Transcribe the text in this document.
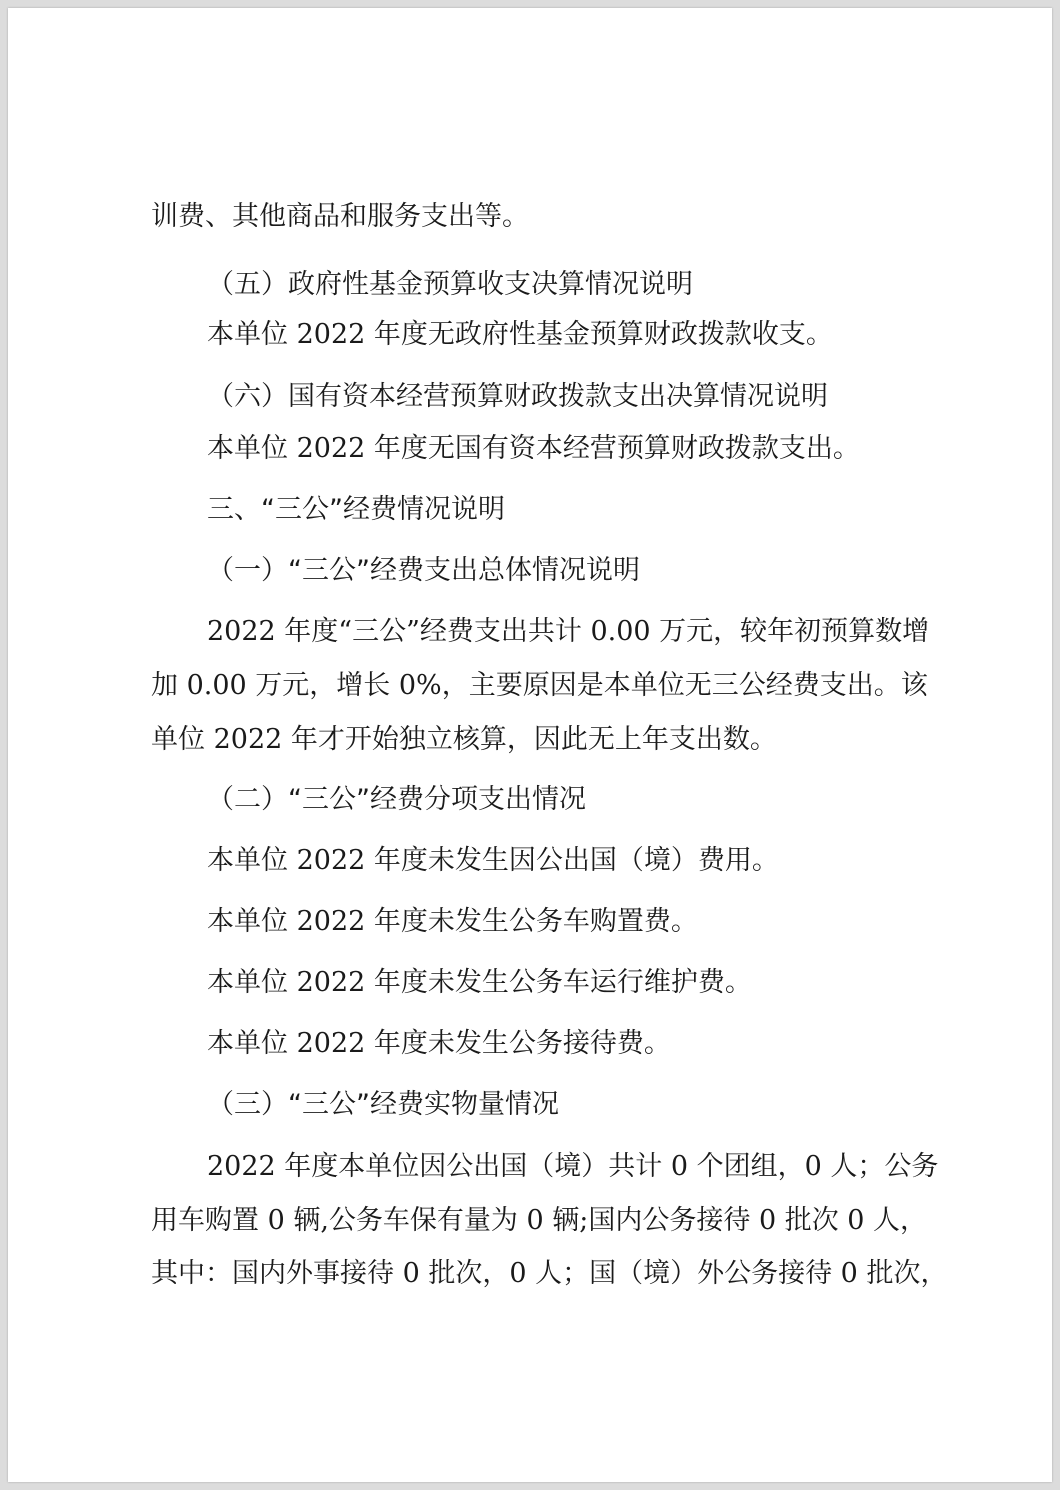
训费、其他商品和服务支出等。
（五）政府性基金预算收支决算情况说明
本单位 2022 年度无政府性基金预算财政拨款收支。
（六）国有资本经营预算财政拨款支出决算情况说明
本单位 2022 年度无国有资本经营预算财政拨款支出。
三、“三公”经费情况说明
（一）“三公”经费支出总体情况说明
2022 年度“三公”经费支出共计 0.00 万元，较年初预算数增
加 0.00 万元，增长 0%，主要原因是本单位无三公经费支出。该
单位 2022 年才开始独立核算，因此无上年支出数。
（二）“三公”经费分项支出情况
本单位 2022 年度未发生因公出国（境）费用。
本单位 2022 年度未发生公务车购置费。
本单位 2022 年度未发生公务车运行维护费。
本单位 2022 年度未发生公务接待费。
（三）“三公”经费实物量情况
2022 年度本单位因公出国（境）共计 0 个团组，0 人；公务
用车购置 0 辆,公务车保有量为 0 辆;国内公务接待 0 批次 0 人，
其中：国内外事接待 0 批次，0 人；国（境）外公务接待 0 批次，
